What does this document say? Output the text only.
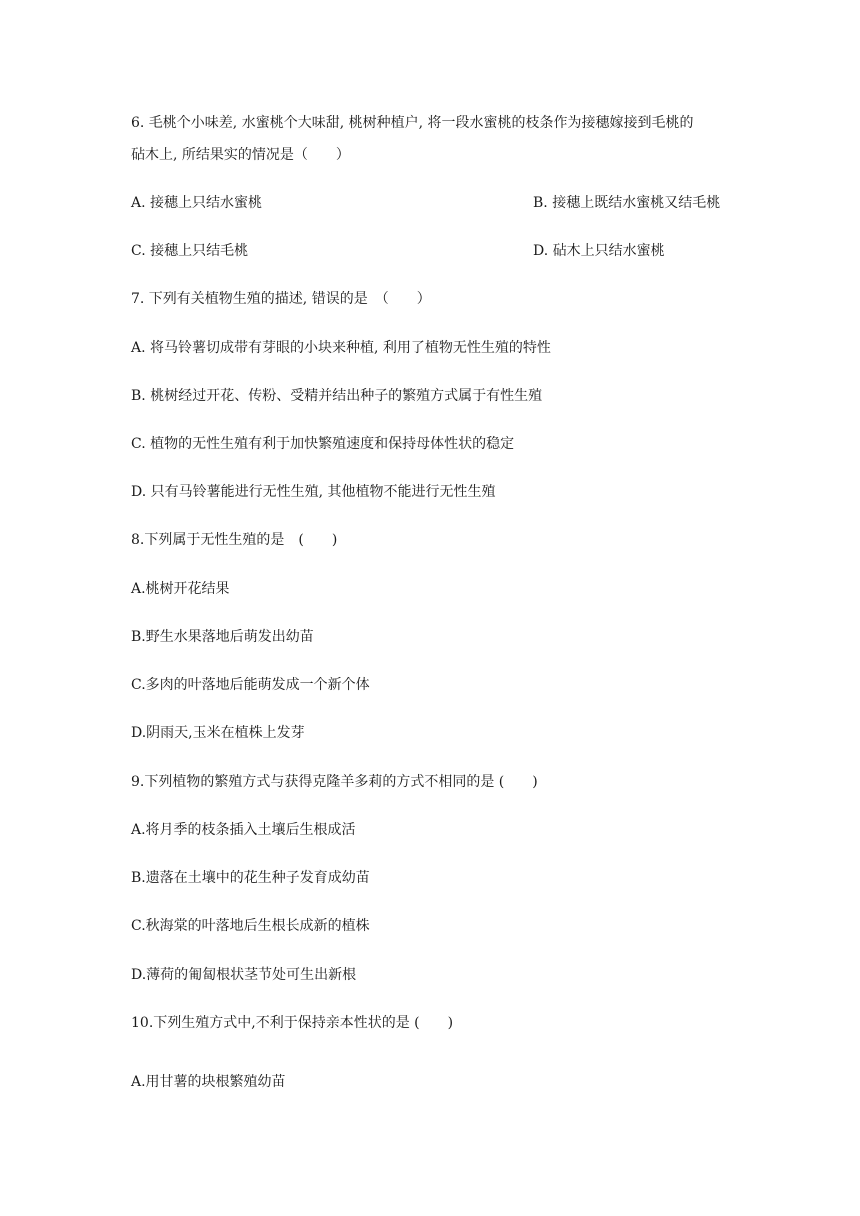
6. 毛桃个小味差, 水蜜桃个大味甜, 桃树种植户, 将一段水蜜桃的枝条作为接穗嫁接到毛桃的
砧木上, 所结果实的情况是（　　）
A. 接穗上只结水蜜桃	B. 接穗上既结水蜜桃又结毛桃
C. 接穗上只结毛桃	D. 砧木上只结水蜜桃
7. 下列有关植物生殖的描述, 错误的是　（　　）
A. 将马铃薯切成带有芽眼的小块来种植, 利用了植物无性生殖的特性
B. 桃树经过开花、传粉、受精并结出种子的繁殖方式属于有性生殖
C. 植物的无性生殖有利于加快繁殖速度和保持母体性状的稳定
D. 只有马铃薯能进行无性生殖, 其他植物不能进行无性生殖
8.下列属于无性生殖的是　(　　)
A.桃树开花结果
B.野生水果落地后萌发出幼苗
C.多肉的叶落地后能萌发成一个新个体
D.阴雨天,玉米在植株上发芽
9.下列植物的繁殖方式与获得克隆羊多莉的方式不相同的是 (　　)
A.将月季的枝条插入土壤后生根成活
B.遗落在土壤中的花生种子发育成幼苗
C.秋海棠的叶落地后生根长成新的植株
D.薄荷的匍匐根状茎节处可生出新根
10.下列生殖方式中,不利于保持亲本性状的是 (　　)
A.用甘薯的块根繁殖幼苗
